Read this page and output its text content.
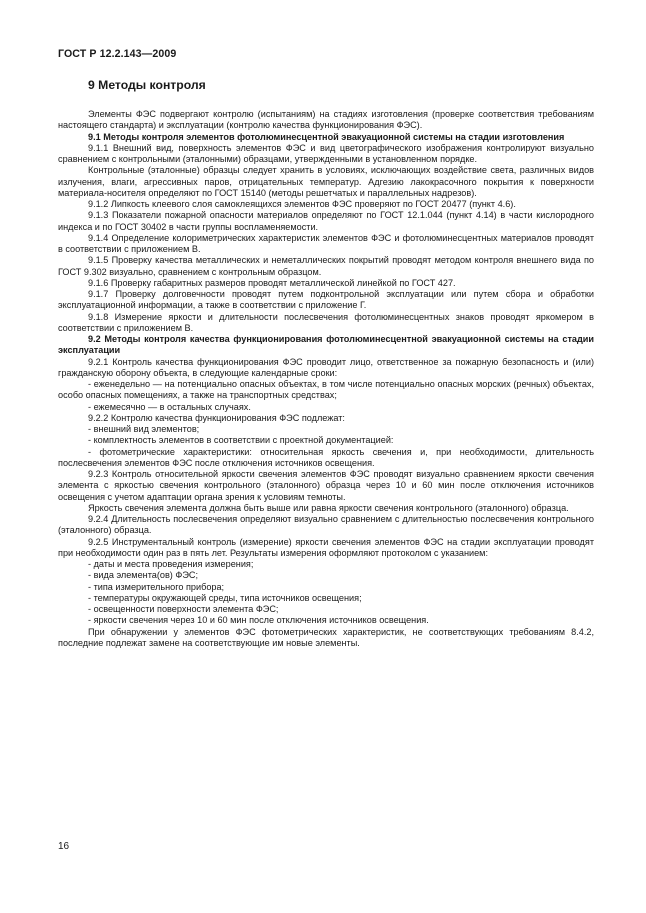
ГОСТ Р 12.2.143—2009
9 Методы контроля

Элементы ФЭС подвергают контролю (испытаниям) на стадиях изготовления (проверке соответствия требованиям настоящего стандарта) и эксплуатации (контролю качества функционирования ФЭС).

9.1 Методы контроля элементов фотолюминесцентной эвакуационной системы на стадии изготовления

9.1.1 Внешний вид, поверхность элементов ФЭС и вид цветографического изображения контролируют визуально сравнением с контрольными (эталонными) образцами, утвержденными в установленном порядке.

Контрольные (эталонные) образцы следует хранить в условиях, исключающих воздействие света, различных видов излучения, влаги, агрессивных паров, отрицательных температур. Адгезию лакокрасочного покрытия к поверхности материала-носителя определяют по ГОСТ 15140 (методы решетчатых и параллельных надрезов).

9.1.2 Липкость клеевого слоя самоклеящихся элементов ФЭС проверяют по ГОСТ 20477 (пункт 4.6).

9.1.3 Показатели пожарной опасности материалов определяют по ГОСТ 12.1.044 (пункт 4.14) в части кислородного индекса и по ГОСТ 30402 в части группы воспламеняемости.

9.1.4 Определение колориметрических характеристик элементов ФЭС и фотолюминесцентных материалов проводят в соответствии с приложением В.

9.1.5 Проверку качества металлических и неметаллических покрытий проводят методом контроля внешнего вида по ГОСТ 9.302 визуально, сравнением с контрольным образцом.

9.1.6 Проверку габаритных размеров проводят металлической линейкой по ГОСТ 427.

9.1.7 Проверку долговечности проводят путем подконтрольной эксплуатации или путем сбора и обработки эксплуатационной информации, а также в соответствии с приложение Г.

9.1.8 Измерение яркости и длительности послесвечения фотолюминесцентных знаков проводят яркомером в соответствии с приложением В.

9.2 Методы контроля качества функционирования фотолюминесцентной эвакуационной системы на стадии эксплуатации

9.2.1 Контроль качества функционирования ФЭС проводит лицо, ответственное за пожарную безопасность и (или) гражданскую оборону объекта, в следующие календарные сроки:

- еженедельно — на потенциально опасных объектах, в том числе потенциально опасных морских (речных) объектах, особо опасных помещениях, а также на транспортных средствах;

- ежемесячно — в остальных случаях.

9.2.2 Контролю качества функционирования ФЭС подлежат:

- внешний вид элементов;

- комплектность элементов в соответствии с проектной документацией:

- фотометрические характеристики: относительная яркость свечения и, при необходимости, длительность послесвечения элементов ФЭС после отключения источников освещения.

9.2.3 Контроль относительной яркости свечения элементов ФЭС проводят визуально сравнением яркости свечения элемента с яркостью свечения контрольного (эталонного) образца через 10 и 60 мин после отключения источников освещения с учетом адаптации органа зрения к условиям темноты.

Яркость свечения элемента должна быть выше или равна яркости свечения контрольного (эталонного) образца.

9.2.4 Длительность послесвечения определяют визуально сравнением с длительностью послесвечения контрольного (эталонного) образца.

9.2.5 Инструментальный контроль (измерение) яркости свечения элементов ФЭС на стадии эксплуатации проводят при необходимости один раз в пять лет. Результаты измерения оформляют протоколом с указанием:

- даты и места проведения измерения;

- вида элемента(ов) ФЭС;

- типа измерительного прибора;

- температуры окружающей среды, типа источников освещения;

- освещенности поверхности элемента ФЭС;

- яркости свечения через 10 и 60 мин после отключения источников освещения.

При обнаружении у элементов ФЭС фотометрических характеристик, не соответствующих требованиям 8.4.2, последние подлежат замене на соответствующие им новые элементы.

16
